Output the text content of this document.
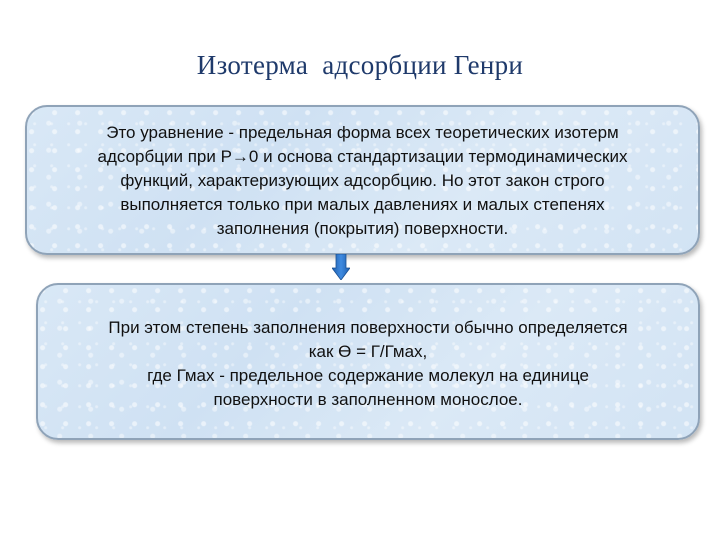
Изотерма  адсорбции Генри
Это уравнение - предельная форма всех теоретических изотерм
адсорбции при Р→0 и основа стандартизации термодинамических
функций, характеризующих адсорбцию. Но этот закон строго
выполняется только при малых давлениях и малых степенях
заполнения (покрытия) поверхности.
При этом степень заполнения поверхности обычно определяется
как Ө = Г/Гмах,
где Гмах - предельное содержание молекул на единице
поверхности в заполненном монослое.
